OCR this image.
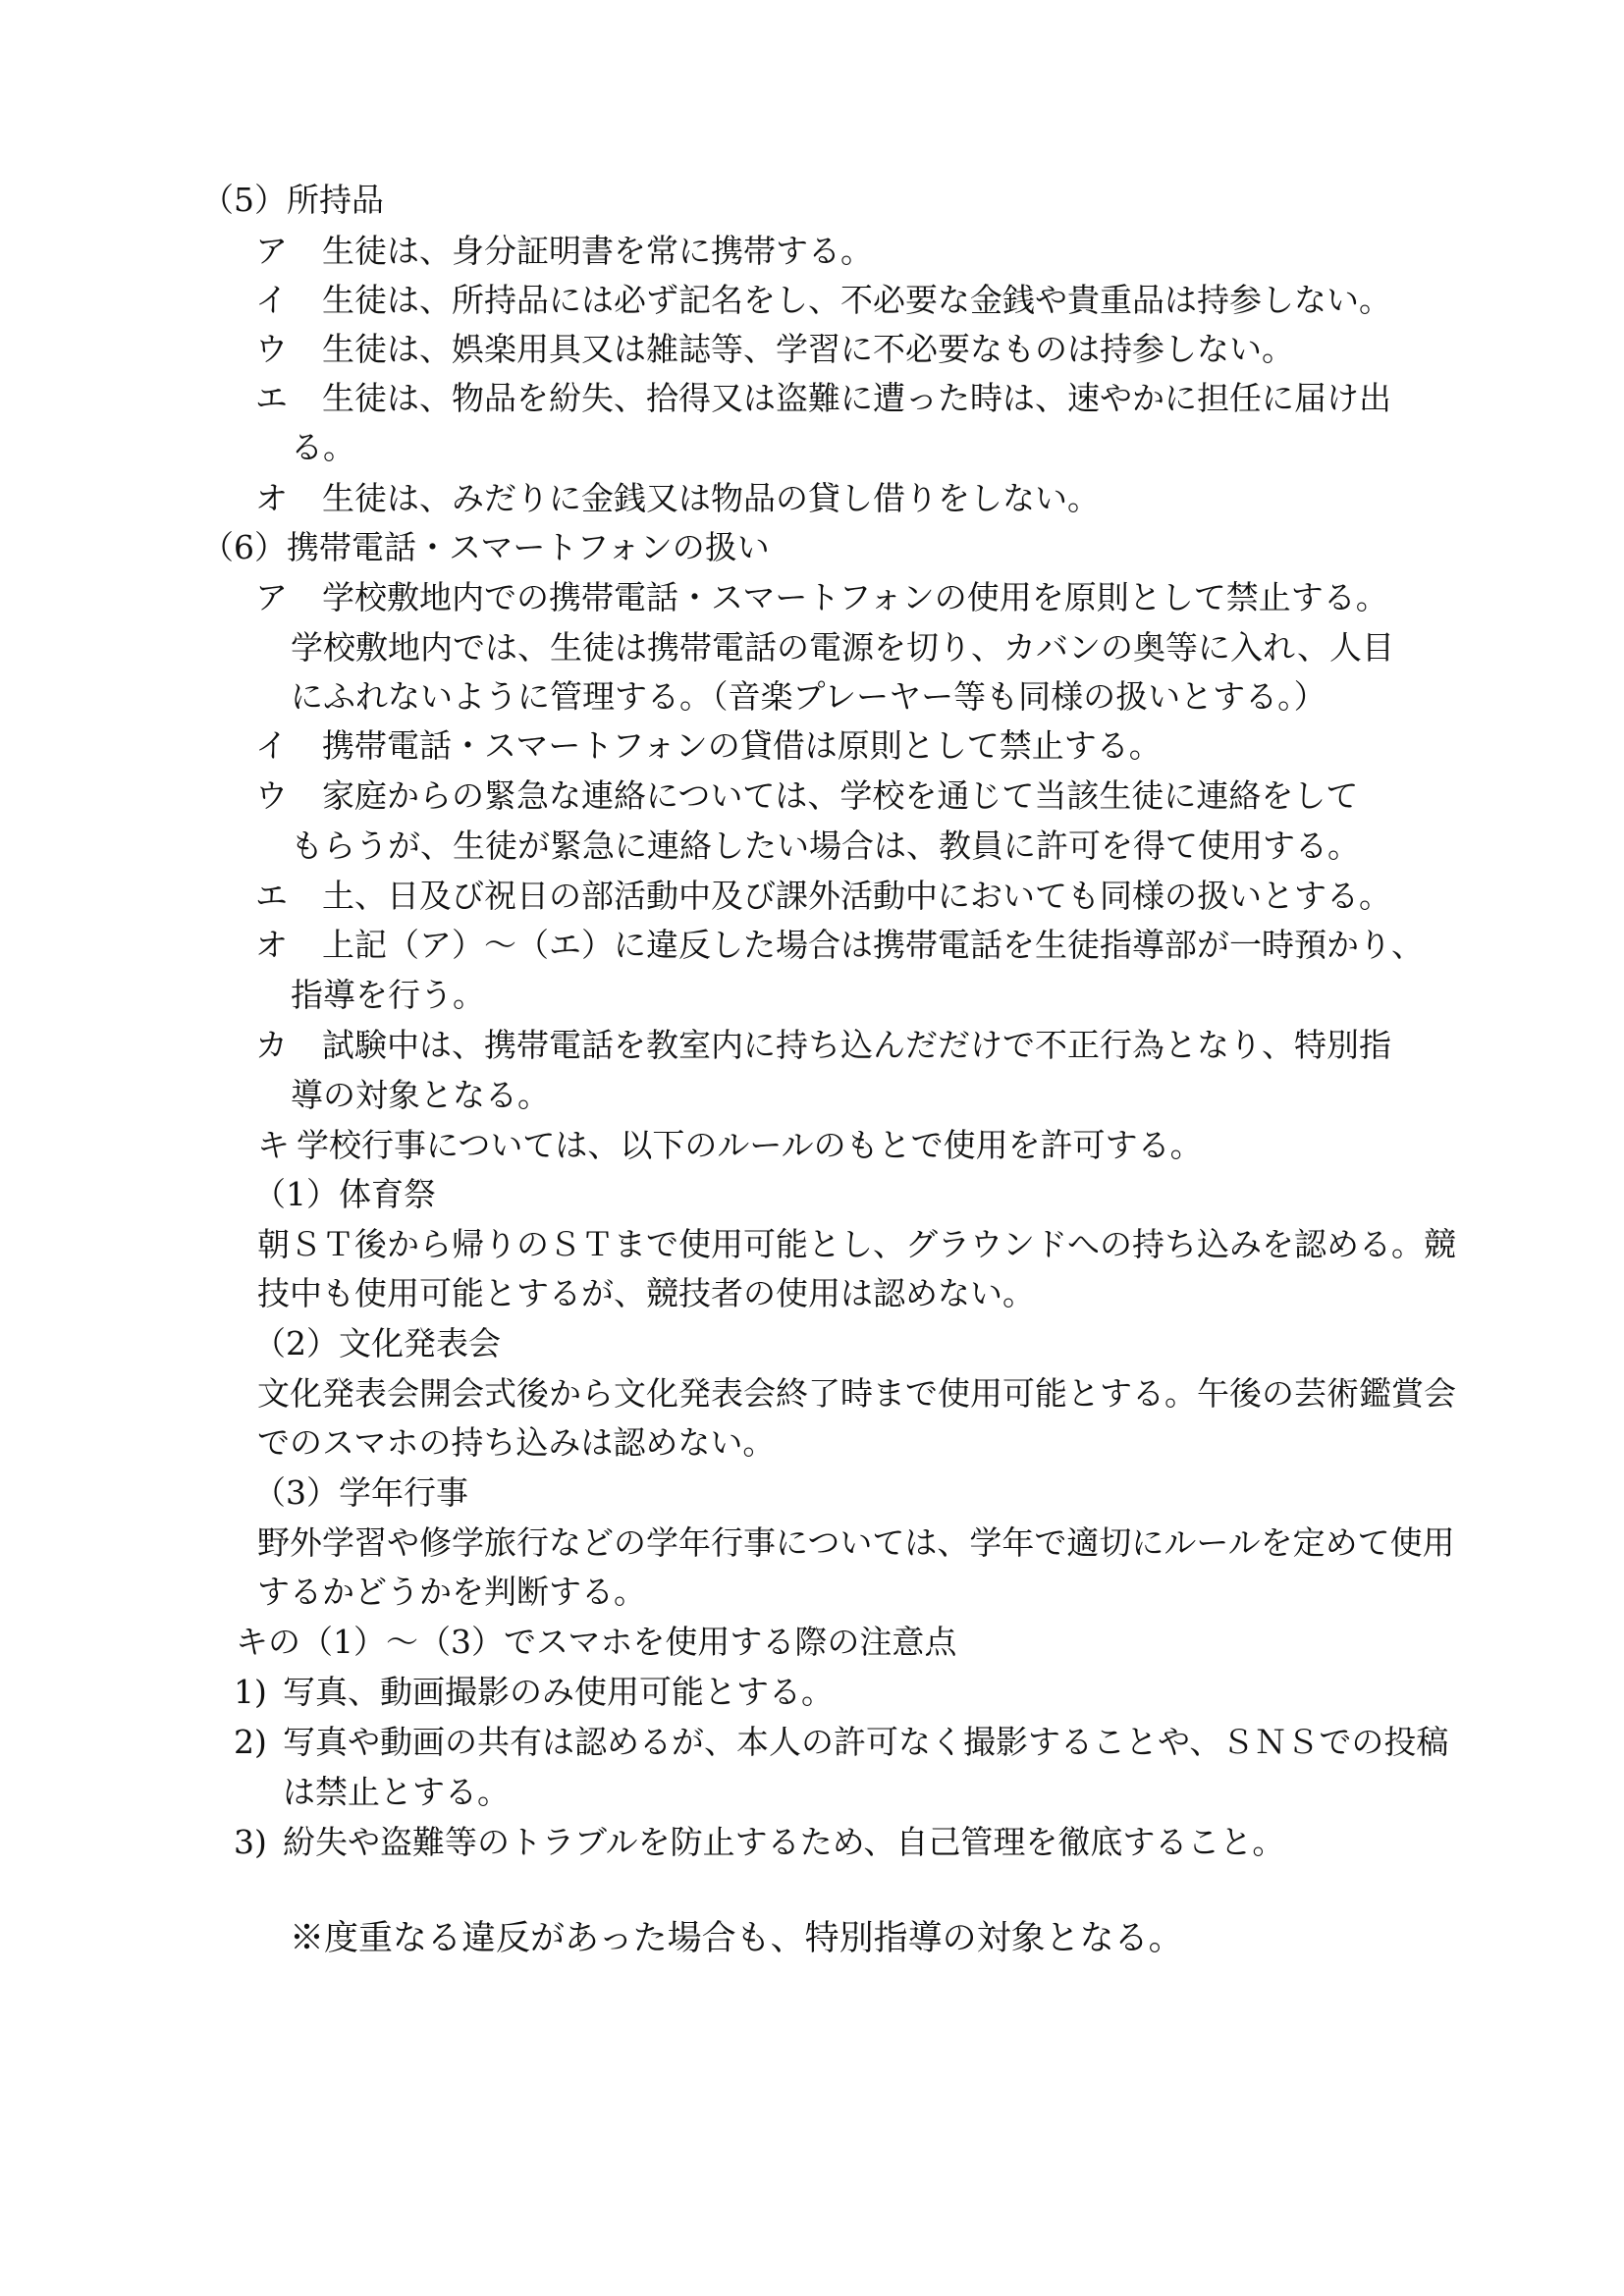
（5）所持品
ア 生徒は、身分証明書を常に携帯する。
イ 生徒は、所持品には必ず記名をし、不必要な金銭や貴重品は持参しない。
ウ 生徒は、娯楽用具又は雑誌等、学習に不必要なものは持参しない。
エ 生徒は、物品を紛失、拾得又は盗難に遭った時は、速やかに担任に届け出
る。
オ 生徒は、みだりに金銭又は物品の貸し借りをしない。
（6）携帯電話・スマートフォンの扱い
ア 学校敷地内での携帯電話・スマートフォンの使用を原則として禁止する。
学校敷地内では、生徒は携帯電話の電源を切り、カバンの奥等に入れ、人目
にふれないように管理する。（音楽プレーヤー等も同様の扱いとする。）
イ 携帯電話・スマートフォンの貸借は原則として禁止する。
ウ 家庭からの緊急な連絡については、学校を通じて当該生徒に連絡をして
もらうが、生徒が緊急に連絡したい場合は、教員に許可を得て使用する。
エ 土、日及び祝日の部活動中及び課外活動中においても同様の扱いとする。
オ 上記（ア）～（エ）に違反した場合は携帯電話を生徒指導部が一時預かり、
指導を行う。
カ 試験中は、携帯電話を教室内に持ち込んだだけで不正行為となり、特別指
導の対象となる。
キ 学校行事については、以下のルールのもとで使用を許可する。
（1）体育祭
朝ＳＴ後から帰りのＳＴまで使用可能とし、グラウンドへの持ち込みを認める。競
技中も使用可能とするが、競技者の使用は認めない。
（2）文化発表会
文化発表会開会式後から文化発表会終了時まで使用可能とする。午後の芸術鑑賞会
でのスマホの持ち込みは認めない。
（3）学年行事
野外学習や修学旅行などの学年行事については、学年で適切にルールを定めて使用
するかどうかを判断する。
キの（1）～（3）でスマホを使用する際の注意点
1) 写真、動画撮影のみ使用可能とする。
2) 写真や動画の共有は認めるが、本人の許可なく撮影することや、ＳＮＳでの投稿
は禁止とする。
3) 紛失や盗難等のトラブルを防止するため、自己管理を徹底すること。
※度重なる違反があった場合も、特別指導の対象となる。
